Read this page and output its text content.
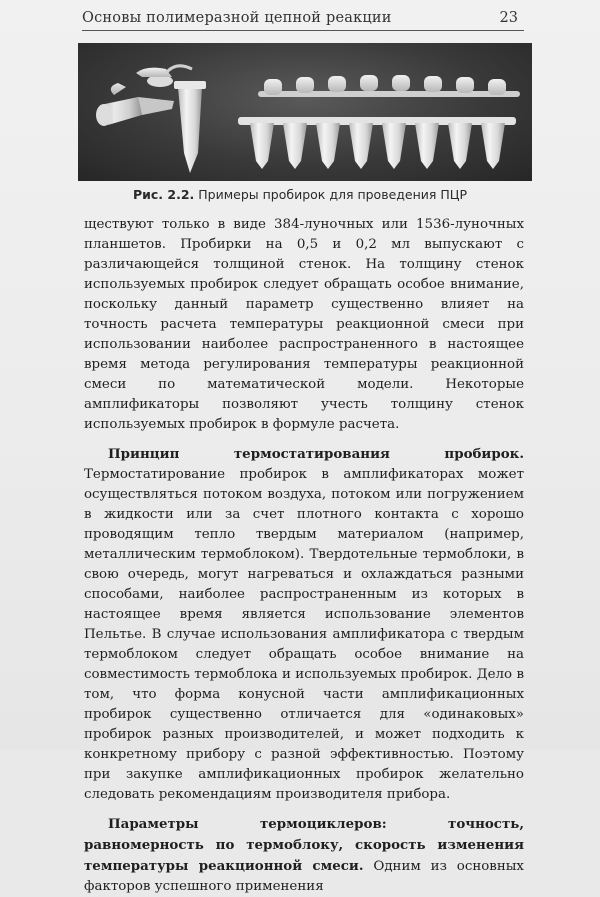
Основы полимеразной цепной реакции	23
Рис. 2.2. Примеры пробирок для проведения ПЦР

ществуют только в виде 384-луночных или 1536-луночных планшетов. Пробирки на 0,5 и 0,2 мл выпускают с различающейся толщиной стенок. На толщину стенок используемых пробирок следует обращать особое внимание, поскольку данный параметр существенно влияет на точность расчета температуры реакционной смеси при использовании наиболее распространенного в настоящее время метода регулирования температуры реакционной смеси по математической модели. Некоторые амплификаторы позволяют учесть толщину стенок используемых пробирок в формуле расчета.

Принцип термостатирования пробирок. Термостатирование пробирок в амплификаторах может осуществляться потоком воздуха, потоком или погружением в жидкости или за счет плотного контакта с хорошо проводящим тепло твердым материалом (например, металлическим термоблоком). Твердотельные термоблоки, в свою очередь, могут нагреваться и охлаждаться разными способами, наиболее распространенным из которых в настоящее время является использование элементов Пельтье. В случае использования амплификатора с твердым термоблоком следует обращать особое внимание на совместимость термоблока и используемых пробирок. Дело в том, что форма конусной части амплификационных пробирок существенно отличается для «одинаковых» пробирок разных производителей, и может подходить к конкретному прибору с разной эффективностью. Поэтому при закупке амплификационных пробирок желательно следовать рекомендациям производителя прибора.

Параметры термоциклеров: точность, равномерность по термоблоку, скорость изменения температуры реакционной смеси. Одним из основных факторов успешного применения
